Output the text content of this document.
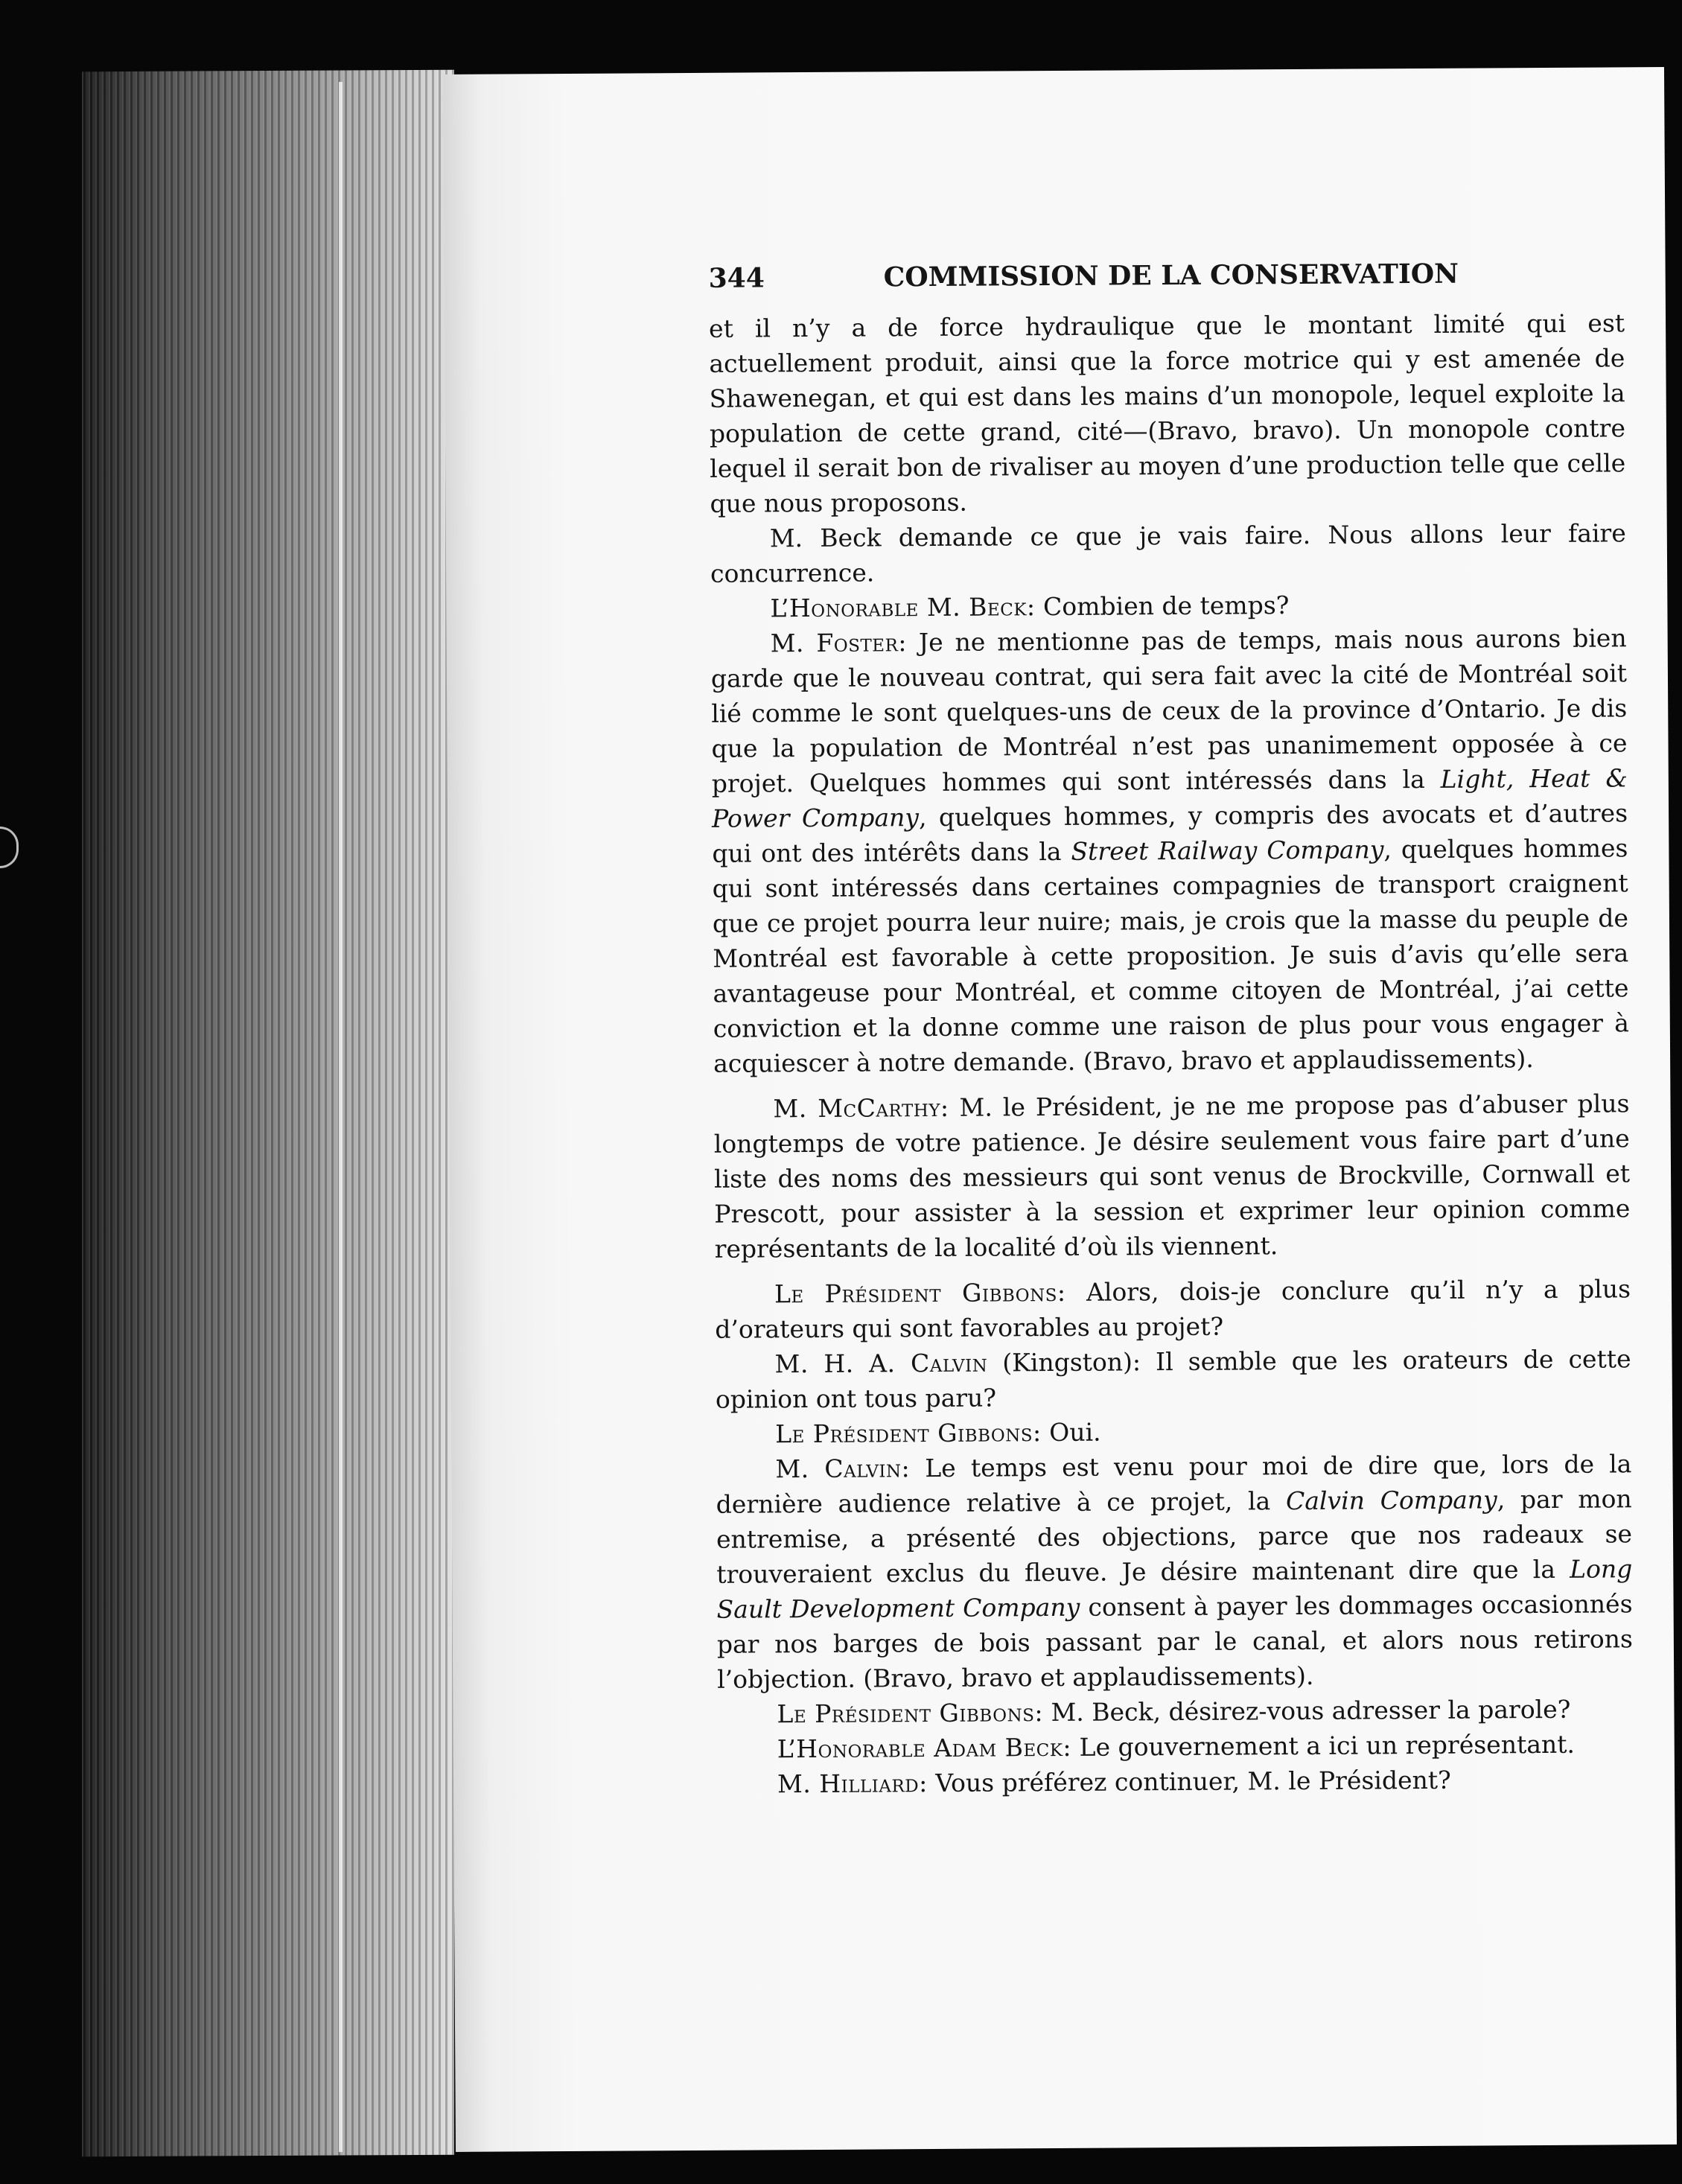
344	COMMISSION DE LA CONSERVATION

et il n’y a de force hydraulique que le montant limité qui est actuellement produit, ainsi que la force motrice qui y est amenée de Shawenegan, et qui est dans les mains d’un monopole, lequel exploite la population de cette grand, cité—(Bravo, bravo). Un monopole contre lequel il serait bon de rivaliser au moyen d’une production telle que celle que nous proposons.

M. Beck demande ce que je vais faire. Nous allons leur faire concurrence.

L’Honorable M. Beck: Combien de temps?

M. Foster: Je ne mentionne pas de temps, mais nous aurons bien garde que le nouveau contrat, qui sera fait avec la cité de Montréal soit lié comme le sont quelques-uns de ceux de la province d’Ontario. Je dis que la population de Montréal n’est pas unanimement opposée à ce projet. Quelques hommes qui sont intéressés dans la Light, Heat & Power Company, quelques hommes, y compris des avocats et d’autres qui ont des intérêts dans la Street Railway Company, quelques hommes qui sont intéressés dans certaines compagnies de transport craignent que ce projet pourra leur nuire; mais, je crois que la masse du peuple de Montréal est favorable à cette proposition. Je suis d’avis qu’elle sera avantageuse pour Montréal, et comme citoyen de Montréal, j’ai cette conviction et la donne comme une raison de plus pour vous engager à acquiescer à notre demande. (Bravo, bravo et applaudissements).

M. McCarthy: M. le Président, je ne me propose pas d’abuser plus longtemps de votre patience. Je désire seulement vous faire part d’une liste des noms des messieurs qui sont venus de Brockville, Cornwall et Prescott, pour assister à la session et exprimer leur opinion comme représentants de la localité d’où ils viennent.

Le Président Gibbons: Alors, dois-je conclure qu’il n’y a plus d’orateurs qui sont favorables au projet?

M. H. A. Calvin (Kingston): Il semble que les orateurs de cette opinion ont tous paru?

Le Président Gibbons: Oui.

M. Calvin: Le temps est venu pour moi de dire que, lors de la dernière audience relative à ce projet, la Calvin Company, par mon entremise, a présenté des objections, parce que nos radeaux se trouveraient exclus du fleuve. Je désire maintenant dire que la Long Sault Development Company consent à payer les dommages occasionnés par nos barges de bois passant par le canal, et alors nous retirons l’objection. (Bravo, bravo et applaudissements).

Le Président Gibbons: M. Beck, désirez-vous adresser la parole?

L’Honorable Adam Beck: Le gouvernement a ici un représentant.

M. Hilliard: Vous préférez continuer, M. le Président?
